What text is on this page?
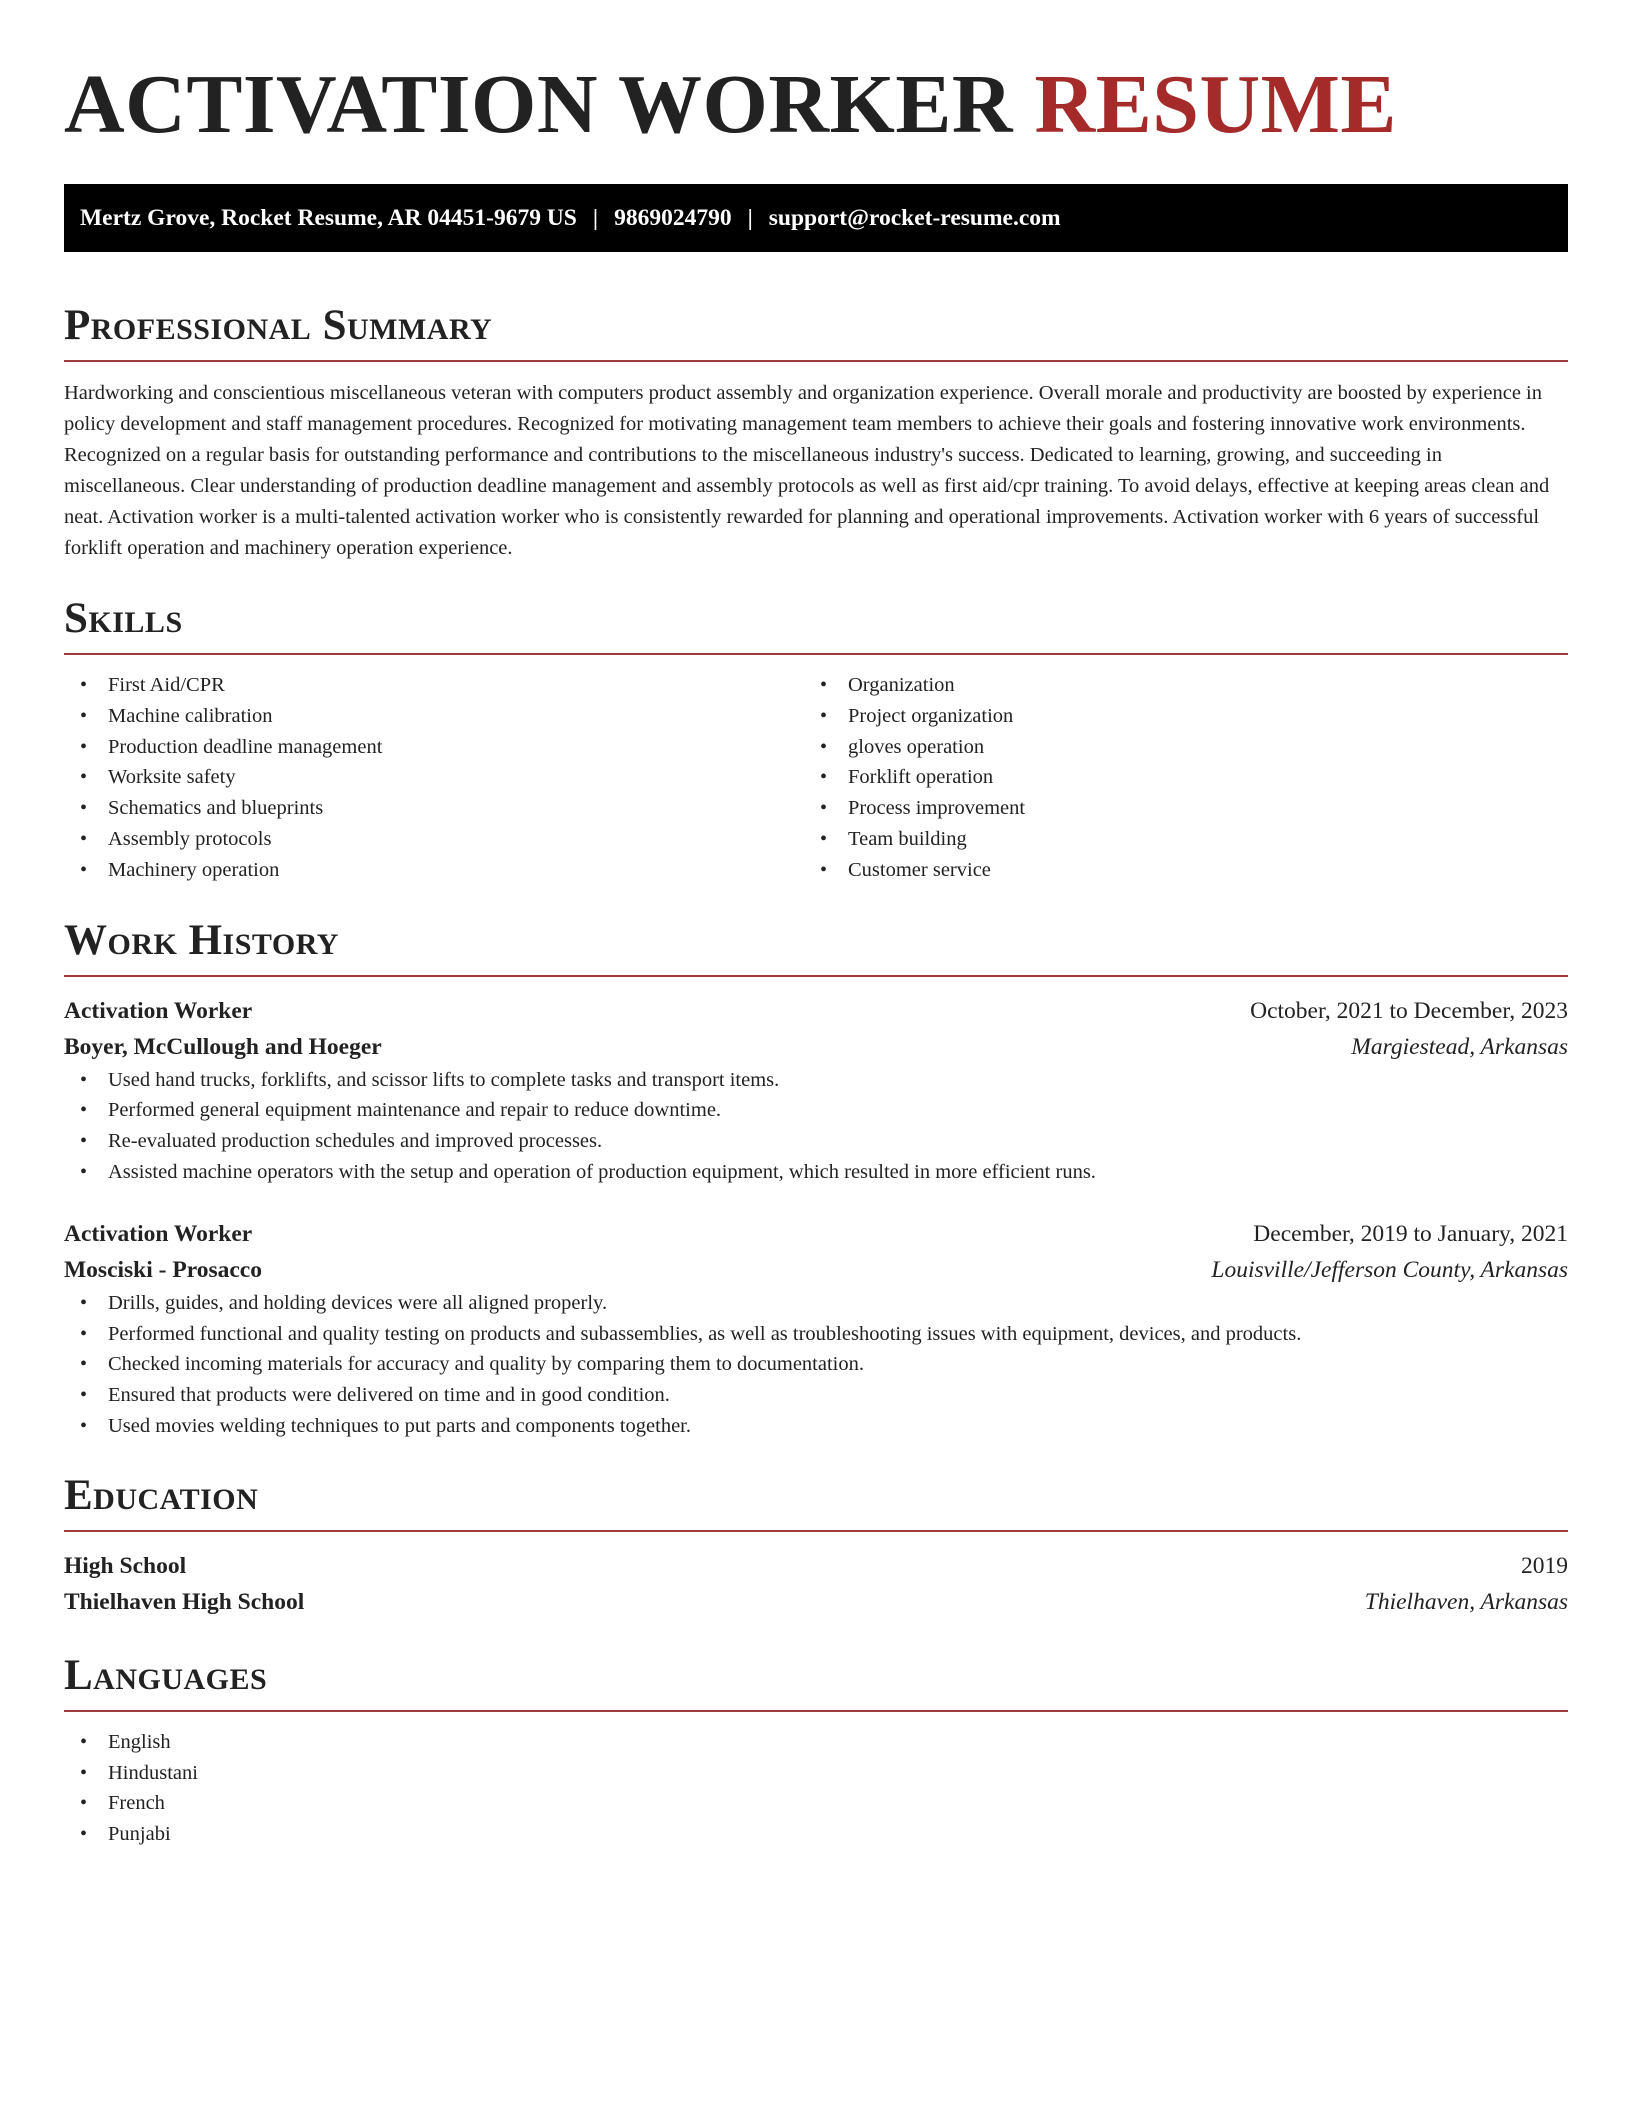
ACTIVATION WORKER RESUME
Mertz Grove, Rocket Resume, AR 04451-9679 US | 9869024790 | support@rocket-resume.com
Professional Summary

Hardworking and conscientious miscellaneous veteran with computers product assembly and organization experience. Overall morale and productivity are boosted by experience in policy development and staff management procedures. Recognized for motivating management team members to achieve their goals and fostering innovative work environments. Recognized on a regular basis for outstanding performance and contributions to the miscellaneous industry's success. Dedicated to learning, growing, and succeeding in miscellaneous. Clear understanding of production deadline management and assembly protocols as well as first aid/cpr training. To avoid delays, effective at keeping areas clean and neat. Activation worker is a multi-talented activation worker who is consistently rewarded for planning and operational improvements. Activation worker with 6 years of successful forklift operation and machinery operation experience.

Skills
• First Aid/CPR
• Machine calibration
• Production deadline management
• Worksite safety
• Schematics and blueprints
• Assembly protocols
• Machinery operation
• Organization
• Project organization
• gloves operation
• Forklift operation
• Process improvement
• Team building
• Customer service
Work History
Activation Worker	October, 2021 to December, 2023
Boyer, McCullough and Hoeger	Margiestead, Arkansas
• Used hand trucks, forklifts, and scissor lifts to complete tasks and transport items.
• Performed general equipment maintenance and repair to reduce downtime.
• Re-evaluated production schedules and improved processes.
• Assisted machine operators with the setup and operation of production equipment, which resulted in more efficient runs.
Activation Worker	December, 2019 to January, 2021
Mosciski - Prosacco	Louisville/Jefferson County, Arkansas
• Drills, guides, and holding devices were all aligned properly.
• Performed functional and quality testing on products and subassemblies, as well as troubleshooting issues with equipment, devices, and products.
• Checked incoming materials for accuracy and quality by comparing them to documentation.
• Ensured that products were delivered on time and in good condition.
• Used movies welding techniques to put parts and components together.
Education
High School	2019
Thielhaven High School	Thielhaven, Arkansas
Languages
• English
• Hindustani
• French
• Punjabi
